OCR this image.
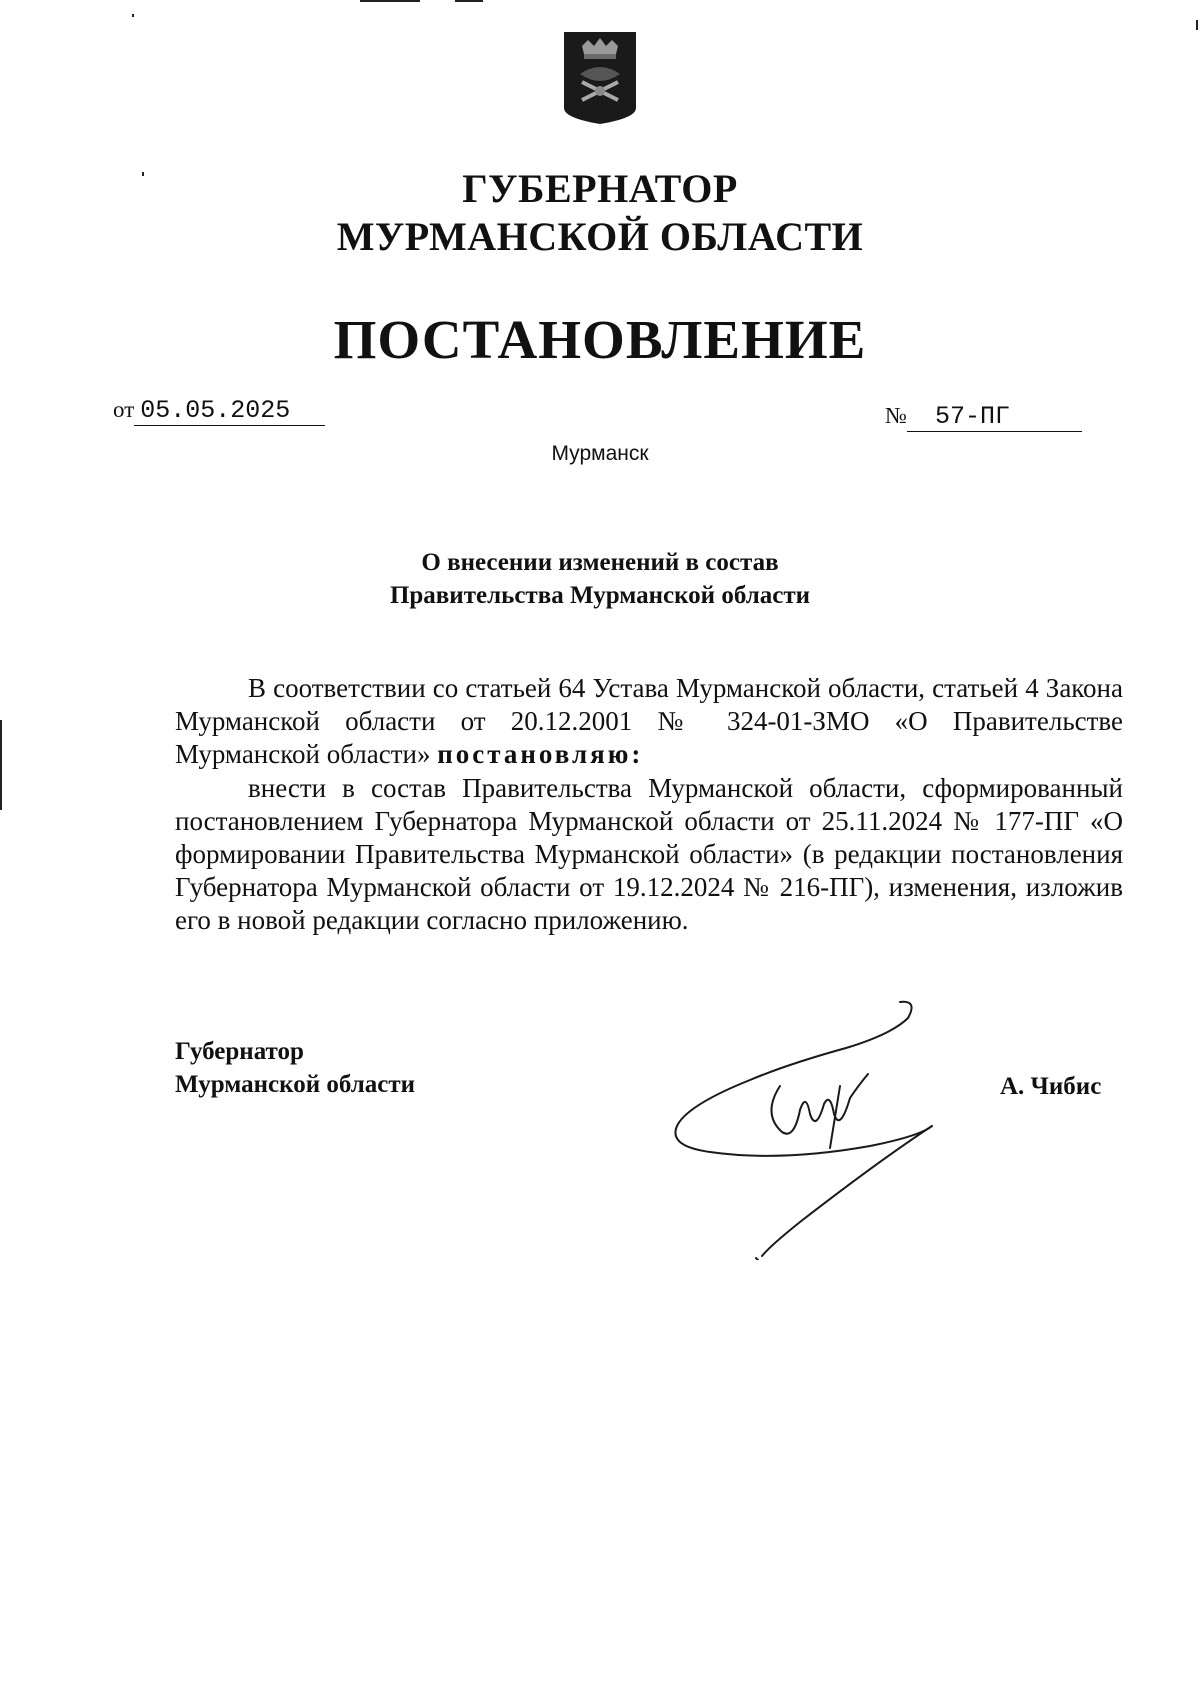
ГУБЕРНАТОР
МУРМАНСКОЙ ОБЛАСТИ
ПОСТАНОВЛЕНИЕ
от 05.05.2025	№ 57-ПГ
Мурманск
О внесении изменений в состав
Правительства Мурманской области
В соответствии со статьей 64 Устава Мурманской области, статьей 4 Закона Мурманской области от 20.12.2001 № 324-01-ЗМО «О Правительстве Мурманской области» постановляю:
внести в состав Правительства Мурманской области, сформированный постановлением Губернатора Мурманской области от 25.11.2024 № 177-ПГ «О формировании Правительства Мурманской области» (в редакции постановления Губернатора Мурманской области от 19.12.2024 № 216-ПГ), изменения, изложив его в новой редакции согласно приложению.
Губернатор
Мурманской области	А. Чибис
